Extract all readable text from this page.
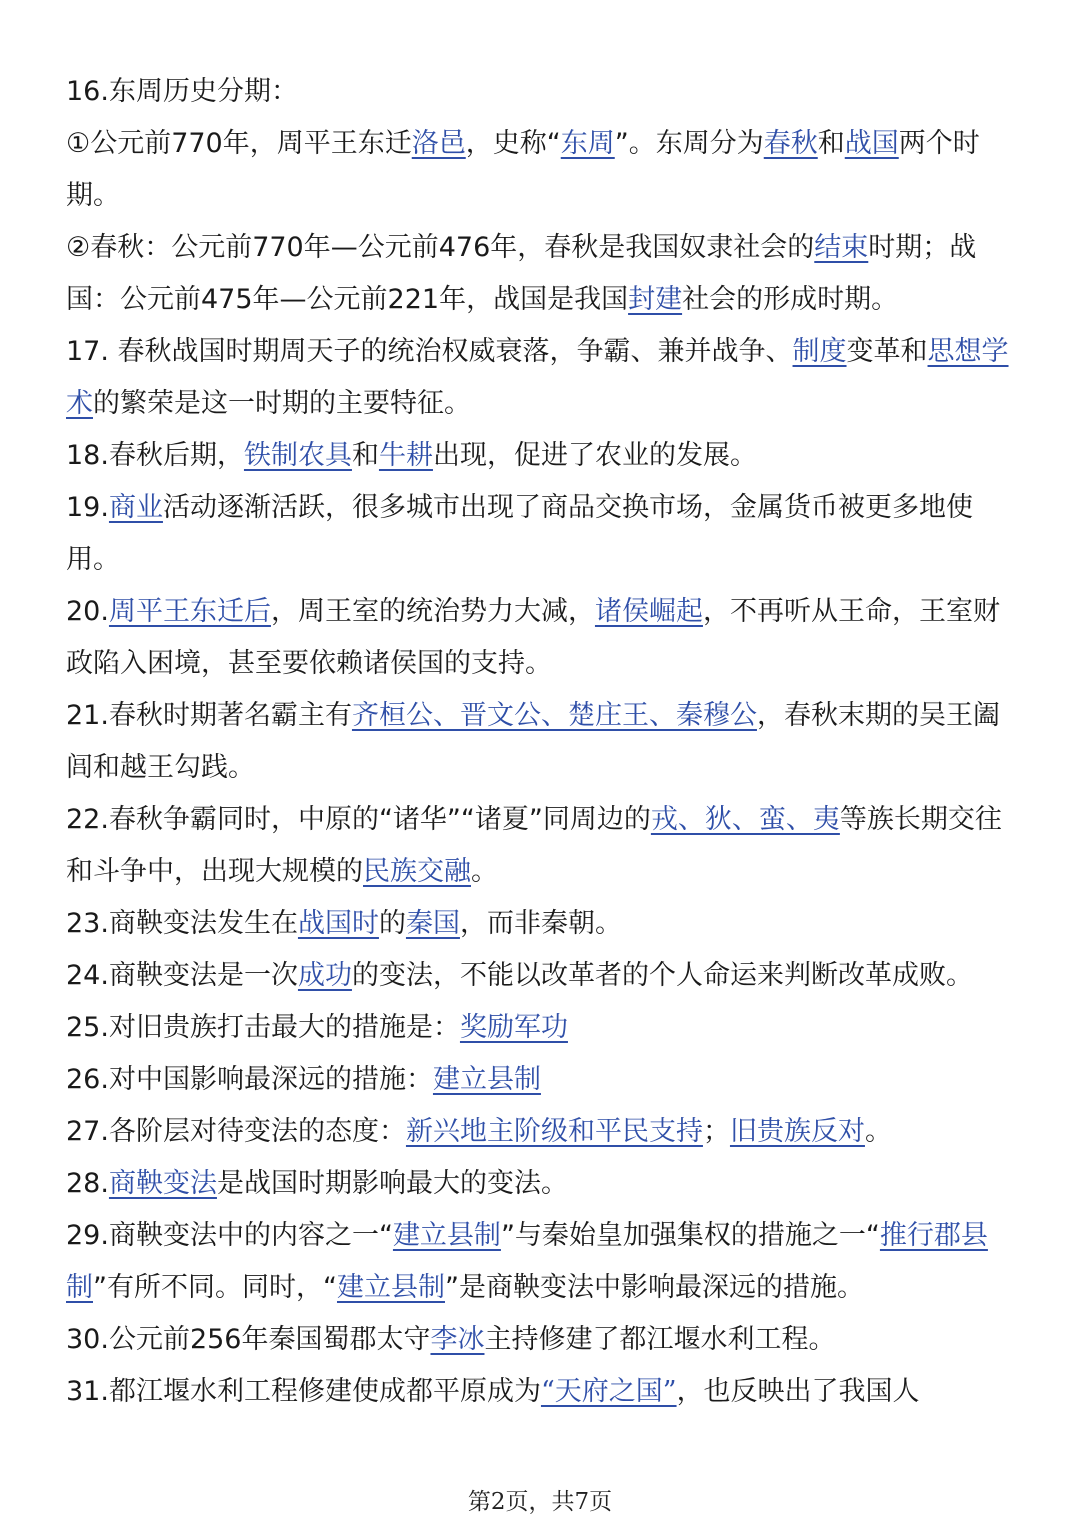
16.东周历史分期：

①公元前770年，周平王东迁洛邑，史称“东周”。东周分为春秋和战国两个时期。

②春秋：公元前770年—公元前476年，春秋是我国奴隶社会的结束时期；战国：公元前475年—公元前221年，战国是我国封建社会的形成时期。

17. 春秋战国时期周天子的统治权威衰落，争霸、兼并战争、制度变革和思想学术的繁荣是这一时期的主要特征。

18.春秋后期，铁制农具和牛耕出现，促进了农业的发展。

19.商业活动逐渐活跃，很多城市出现了商品交换市场，金属货币被更多地使用。

20.周平王东迁后，周王室的统治势力大减，诸侯崛起，不再听从王命，王室财政陷入困境，甚至要依赖诸侯国的支持。

21.春秋时期著名霸主有齐桓公、晋文公、楚庄王、秦穆公，春秋末期的吴王阖闾和越王勾践。

22.春秋争霸同时，中原的“诸华”“诸夏”同周边的戎、狄、蛮、夷等族长期交往和斗争中，出现大规模的民族交融。

23.商鞅变法发生在战国时的秦国，而非秦朝。

24.商鞅变法是一次成功的变法，不能以改革者的个人命运来判断改革成败。

25.对旧贵族打击最大的措施是：奖励军功

26.对中国影响最深远的措施：建立县制

27.各阶层对待变法的态度：新兴地主阶级和平民支持；旧贵族反对。

28.商鞅变法是战国时期影响最大的变法。

29.商鞅变法中的内容之一“建立县制”与秦始皇加强集权的措施之一“推行郡县制”有所不同。同时，“建立县制”是商鞅变法中影响最深远的措施。

30.公元前256年秦国蜀郡太守李冰主持修建了都江堰水利工程。

31.都江堰水利工程修建使成都平原成为“天府之国”，也反映出了我国人

第2页，共7页
